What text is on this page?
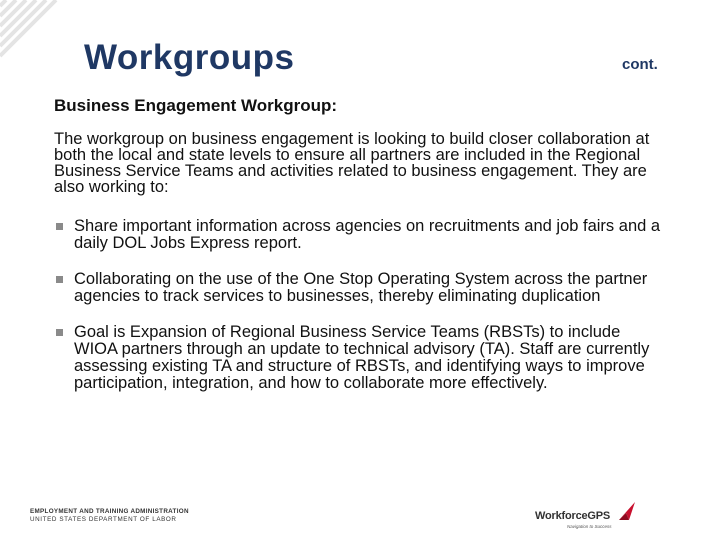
Workgroups	cont.
Business Engagement Workgroup:

The workgroup on business engagement is looking to build closer collaboration at both the local and state levels to ensure all partners are included in the Regional Business Service Teams and activities related to business engagement. They are also working to:

Share important information across agencies on recruitments and job fairs and a daily DOL Jobs Express report.
Collaborating on the use of the One Stop Operating System across the partner agencies to track services to businesses, thereby eliminating duplication
Goal is Expansion of Regional Business Service Teams (RBSTs) to include WIOA partners through an update to technical advisory (TA). Staff are currently assessing existing TA and structure of RBSTs, and identifying ways to improve participation, integration, and how to collaborate more effectively.
EMPLOYMENT AND TRAINING ADMINISTRATION
UNITED STATES DEPARTMENT OF LABOR	WorkforceGPS
Navigation to Success
